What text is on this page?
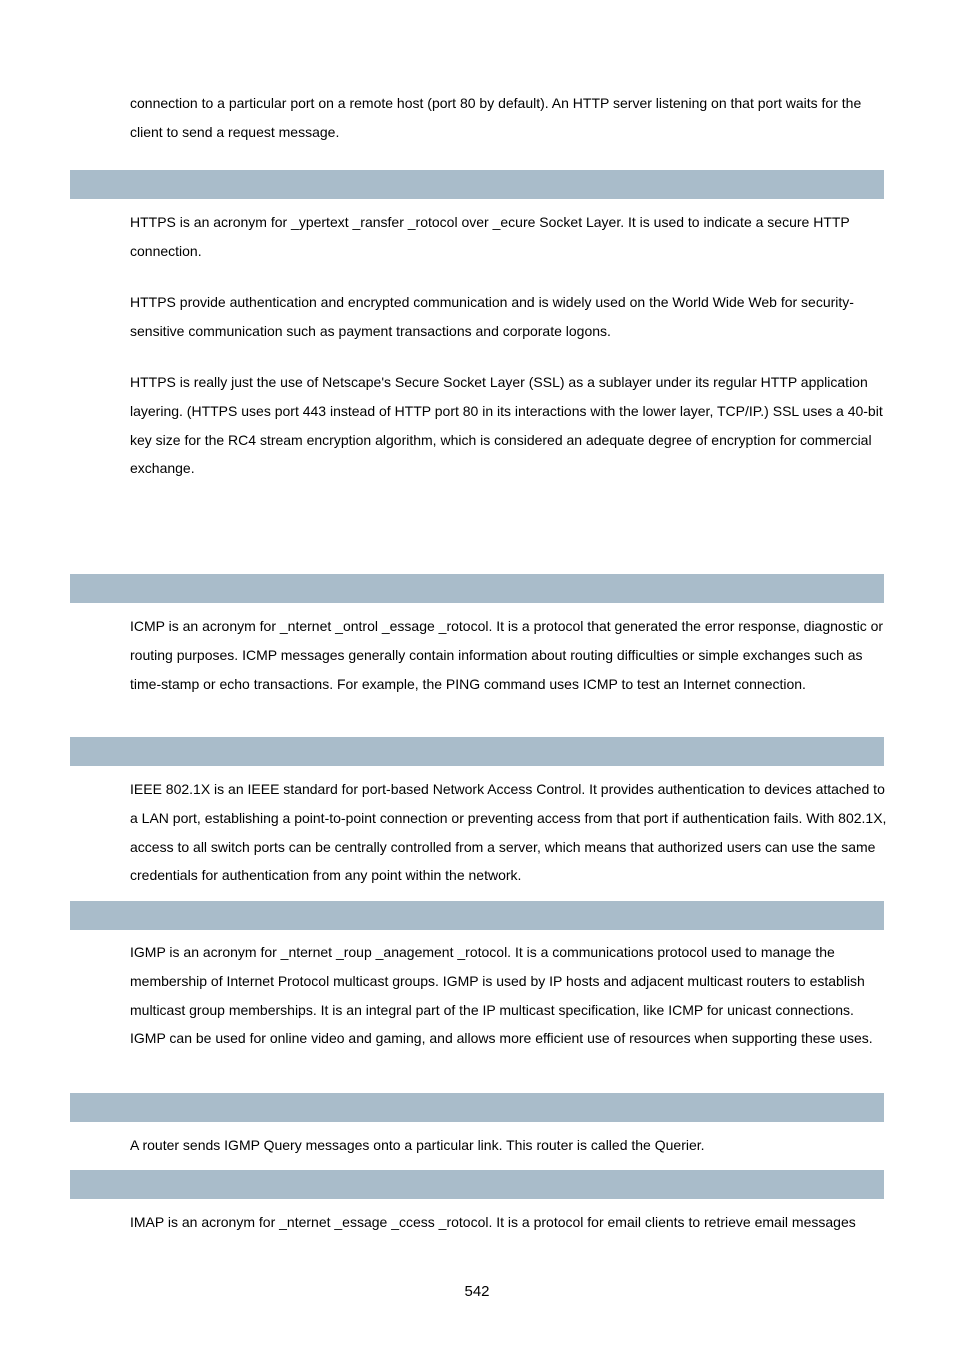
connection to a particular port on a remote host (port 80 by default). An HTTP server listening on that port waits for the client to send a request message.

HTTPS is an acronym for _ypertext _ransfer _rotocol over _ecure Socket Layer. It is used to indicate a secure HTTP connection.

HTTPS provide authentication and encrypted communication and is widely used on the World Wide Web for security-sensitive communication such as payment transactions and corporate logons.

HTTPS is really just the use of Netscape's Secure Socket Layer (SSL) as a sublayer under its regular HTTP application layering. (HTTPS uses port 443 instead of HTTP port 80 in its interactions with the lower layer, TCP/IP.) SSL uses a 40-bit key size for the RC4 stream encryption algorithm, which is considered an adequate degree of encryption for commercial exchange.

ICMP is an acronym for _nternet _ontrol _essage _rotocol. It is a protocol that generated the error response, diagnostic or routing purposes. ICMP messages generally contain information about routing difficulties or simple exchanges such as time-stamp or echo transactions. For example, the PING command uses ICMP to test an Internet connection.

IEEE 802.1X is an IEEE standard for port-based Network Access Control. It provides authentication to devices attached to a LAN port, establishing a point-to-point connection or preventing access from that port if authentication fails. With 802.1X, access to all switch ports can be centrally controlled from a server, which means that authorized users can use the same credentials for authentication from any point within the network.

IGMP is an acronym for _nternet _roup _anagement _rotocol. It is a communications protocol used to manage the membership of Internet Protocol multicast groups. IGMP is used by IP hosts and adjacent multicast routers to establish multicast group memberships. It is an integral part of the IP multicast specification, like ICMP for unicast connections. IGMP can be used for online video and gaming, and allows more efficient use of resources when supporting these uses.

A router sends IGMP Query messages onto a particular link. This router is called the Querier.

IMAP is an acronym for _nternet _essage _ccess _rotocol. It is a protocol for email clients to retrieve email messages

542
